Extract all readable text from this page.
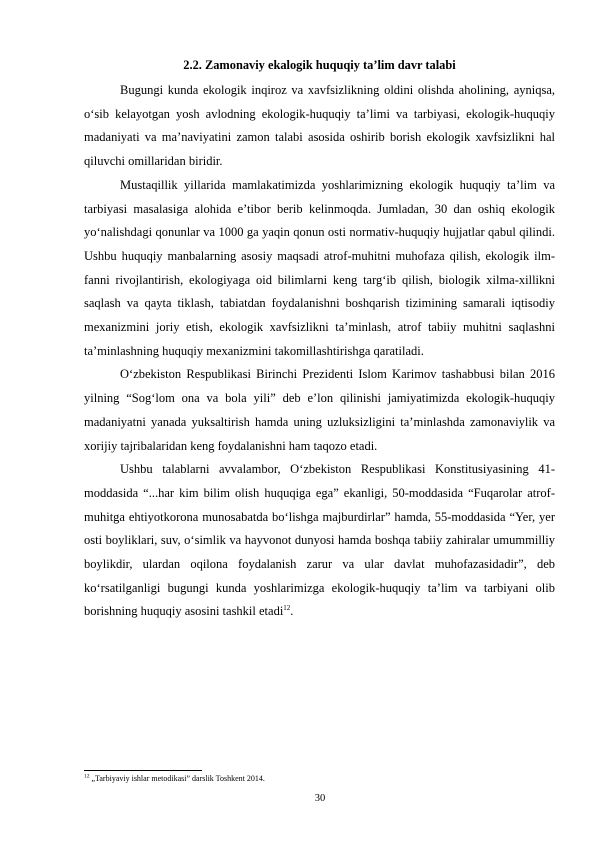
2.2. Zamonaviy ekalogik huquqiy ta’lim davr talabi

Bugungi kunda ekologik inqiroz va xavfsizlikning oldini olishda aholining, ayniqsa, o‘sib kelayotgan yosh avlodning ekologik-huquqiy ta’limi va tarbiyasi, ekologik-huquqiy madaniyati va ma’naviyatini zamon talabi asosida oshirib borish ekologik xavfsizlikni hal qiluvchi omillaridan biridir.

Mustaqillik yillarida mamlakatimizda yoshlarimizning ekologik huquqiy ta’lim va tarbiyasi masalasiga alohida e’tibor berib kelinmoqda. Jumladan, 30 dan oshiq ekologik yo‘nalishdagi qonunlar va 1000 ga yaqin qonun osti normativ-huquqiy hujjatlar qabul qilindi. Ushbu huquqiy manbalarning asosiy maqsadi atrof-muhitni muhofaza qilish, ekologik ilm-fanni rivojlantirish, ekologiyaga oid bilimlarni keng targ‘ib qilish, biologik xilma-xillikni saqlash va qayta tiklash, tabiatdan foydalanishni boshqarish tizimining samarali iqtisodiy mexanizmini joriy etish, ekologik xavfsizlikni ta’minlash, atrof tabiiy muhitni saqlashni ta’minlashning huquqiy mexanizmini takomillashtirishga qaratiladi.

O‘zbekiston Respublikasi Birinchi Prezidenti Islom Karimov tashabbusi bilan 2016 yilning “Sog‘lom ona va bola yili” deb e’lon qilinishi jamiyatimizda ekologik-huquqiy madaniyatni yanada yuksaltirish hamda uning uzluksizligini ta’minlashda zamonaviylik va xorijiy tajribalaridan keng foydalanishni ham taqozo etadi.

Ushbu talablarni avvalambor, O‘zbekiston Respublikasi Konstitusiyasining 41-moddasida “...har kim bilim olish huquqiga ega” ekanligi, 50-moddasida “Fuqarolar atrof-muhitga ehtiyotkorona munosabatda bo‘lishga majburdirlar” hamda, 55-moddasida “Yer, yer osti boyliklari, suv, o‘simlik va hayvonot dunyosi hamda boshqa tabiiy zahiralar umummilliy boylikdir, ulardan oqilona foydalanish zarur va ular davlat muhofazasidadir”, deb ko‘rsatilganligi bugungi kunda yoshlarimizga ekologik-huquqiy ta’lim va tarbiyani olib borishning huquqiy asosini tashkil etadi$^{12}$.

$^{12}$ „Tarbiyaviy ishlar metodikasi” darslik Toshkent 2014.
30
